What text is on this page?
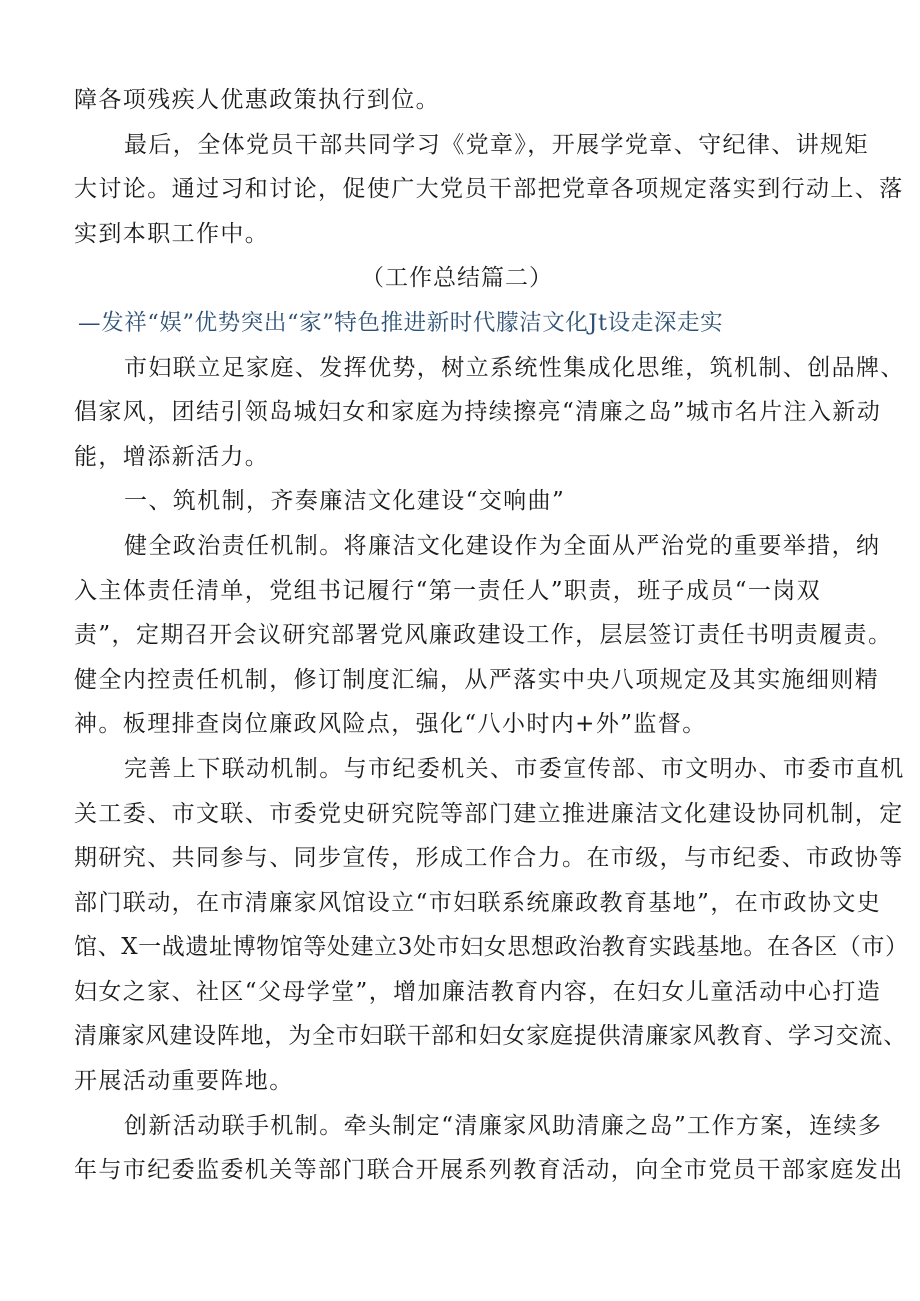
障各项残疾人优惠政策执行到位。
最后，全体党员干部共同学习《党章》，开展学党章、守纪律、讲规矩
大讨论。通过习和讨论，促使广大党员干部把党章各项规定落实到行动上、落
实到本职工作中。
（工作总结篇二）
—发祥“娱”优势突出“家”特色推进新时代朦洁文化Jt设走深走实
市妇联立足家庭、发挥优势，树立系统性集成化思维，筑机制、创品牌、
倡家风，团结引领岛城妇女和家庭为持续擦亮“清廉之岛”城市名片注入新动
能，增添新活力。
一、筑机制，齐奏廉洁文化建设“交响曲”
健全政治责任机制。将廉洁文化建设作为全面从严治党的重要举措，纳
入主体责任清单，党组书记履行“第一责任人”职责，班子成员“一岗双
责”，定期召开会议研究部署党风廉政建设工作，层层签订责任书明责履责。
健全内控责任机制，修订制度汇编，从严落实中央八项规定及其实施细则精
神。板理排查岗位廉政风险点，强化“八小时内+外”监督。
完善上下联动机制。与市纪委机关、市委宣传部、市文明办、市委市直机
关工委、市文联、市委党史研究院等部门建立推进廉洁文化建设协同机制，定
期研究、共同参与、同步宣传，形成工作合力。在市级，与市纪委、市政协等
部门联动，在市清廉家风馆设立“市妇联系统廉政教育基地”，在市政协文史
馆、X一战遗址博物馆等处建立3处市妇女思想政治教育实践基地。在各区（市）
妇女之家、社区“父母学堂”，增加廉洁教育内容，在妇女儿童活动中心打造
清廉家风建设阵地，为全市妇联干部和妇女家庭提供清廉家风教育、学习交流、
开展活动重要阵地。
创新活动联手机制。牵头制定“清廉家风助清廉之岛”工作方案，连续多
年与市纪委监委机关等部门联合开展系列教育活动，向全市党员干部家庭发出
